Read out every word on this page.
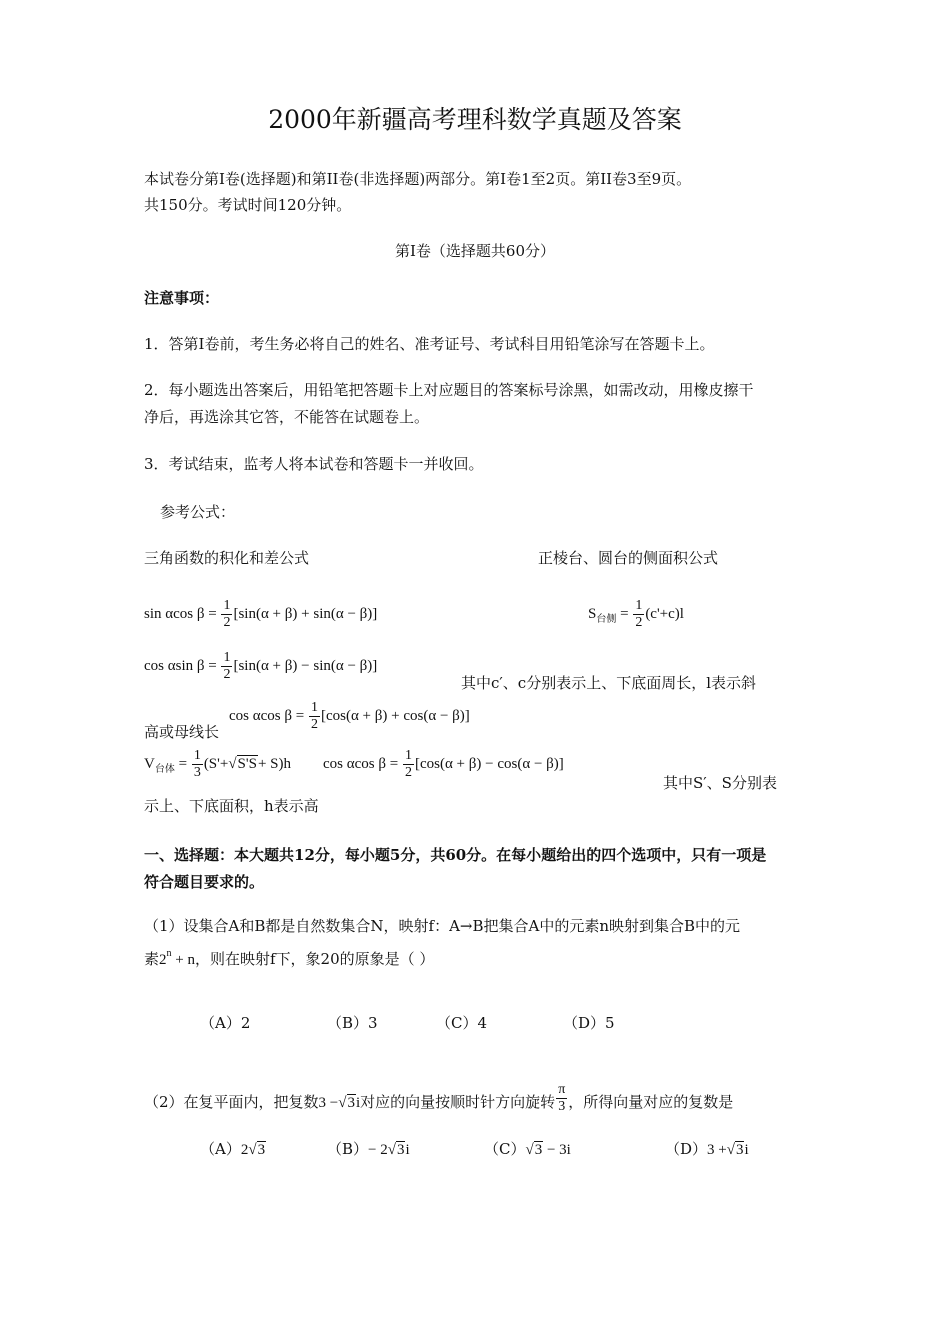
2000年新疆高考理科数学真题及答案
本试卷分第Ⅰ卷(选择题)和第II卷(非选择题)两部分。第Ⅰ卷1至2页。第II卷3至9页。
共150分。考试时间120分钟。
第Ⅰ卷（选择题共60分）
注意事项：
1．答第Ⅰ卷前，考生务必将自己的姓名、准考证号、考试科目用铅笔涂写在答题卡上。
2．每小题选出答案后，用铅笔把答题卡上对应题目的答案标号涂黑，如需改动，用橡皮擦干
净后，再选涂其它答，不能答在试题卷上。
3．考试结束，监考人将本试卷和答题卡一并收回。
参考公式：
三角函数的积化和差公式	正棱台、圆台的侧面积公式
sin αcos $\beta = \frac{1}{2} [\sin(\alpha + \beta) + \sin(\alpha - \beta)]$	$S_{台侧} = \frac{1}{2} (c'+c)l$
cos αsin $\beta = \frac{1}{2} [\sin(\alpha + \beta) - \sin(\alpha - \beta)]$
其中c′、c分别表示上、下底面周长，l表示斜
cos αcos $\beta = \frac{1}{2} [\cos(\alpha + \beta) + \cos(\alpha - \beta)]$
高或母线长
$V_{台体} = \frac{1}{3} (S'+√S'S+ S)h$ cos αcos $\beta = \frac{1}{2} [\cos(\alpha + \beta) - \cos(\alpha - \beta)]$
其中S′、S分别表
示上、下底面积，h表示高
一、选择题：本大题共12分，每小题5分，共60分。在每小题给出的四个选项中，只有一项是
符合题目要求的。
（1）设集合A和B都是自然数集合N，映射f：A→B把集合A中的元素n映射到集合B中的元
素$2^n + n$，则在映射f下，象20的原象是（ ）
（A）2	（B）3	（C）4	（D）5
（2）在复平面内，把复数3 −√3i对应的向量按顺时针方向旋转 $\frac{\pi}{3}$ ，所得向量对应的复数是
（A）2√3	（B）− 2√3i	（C）√3 − 3i	（D）3 +√3i
